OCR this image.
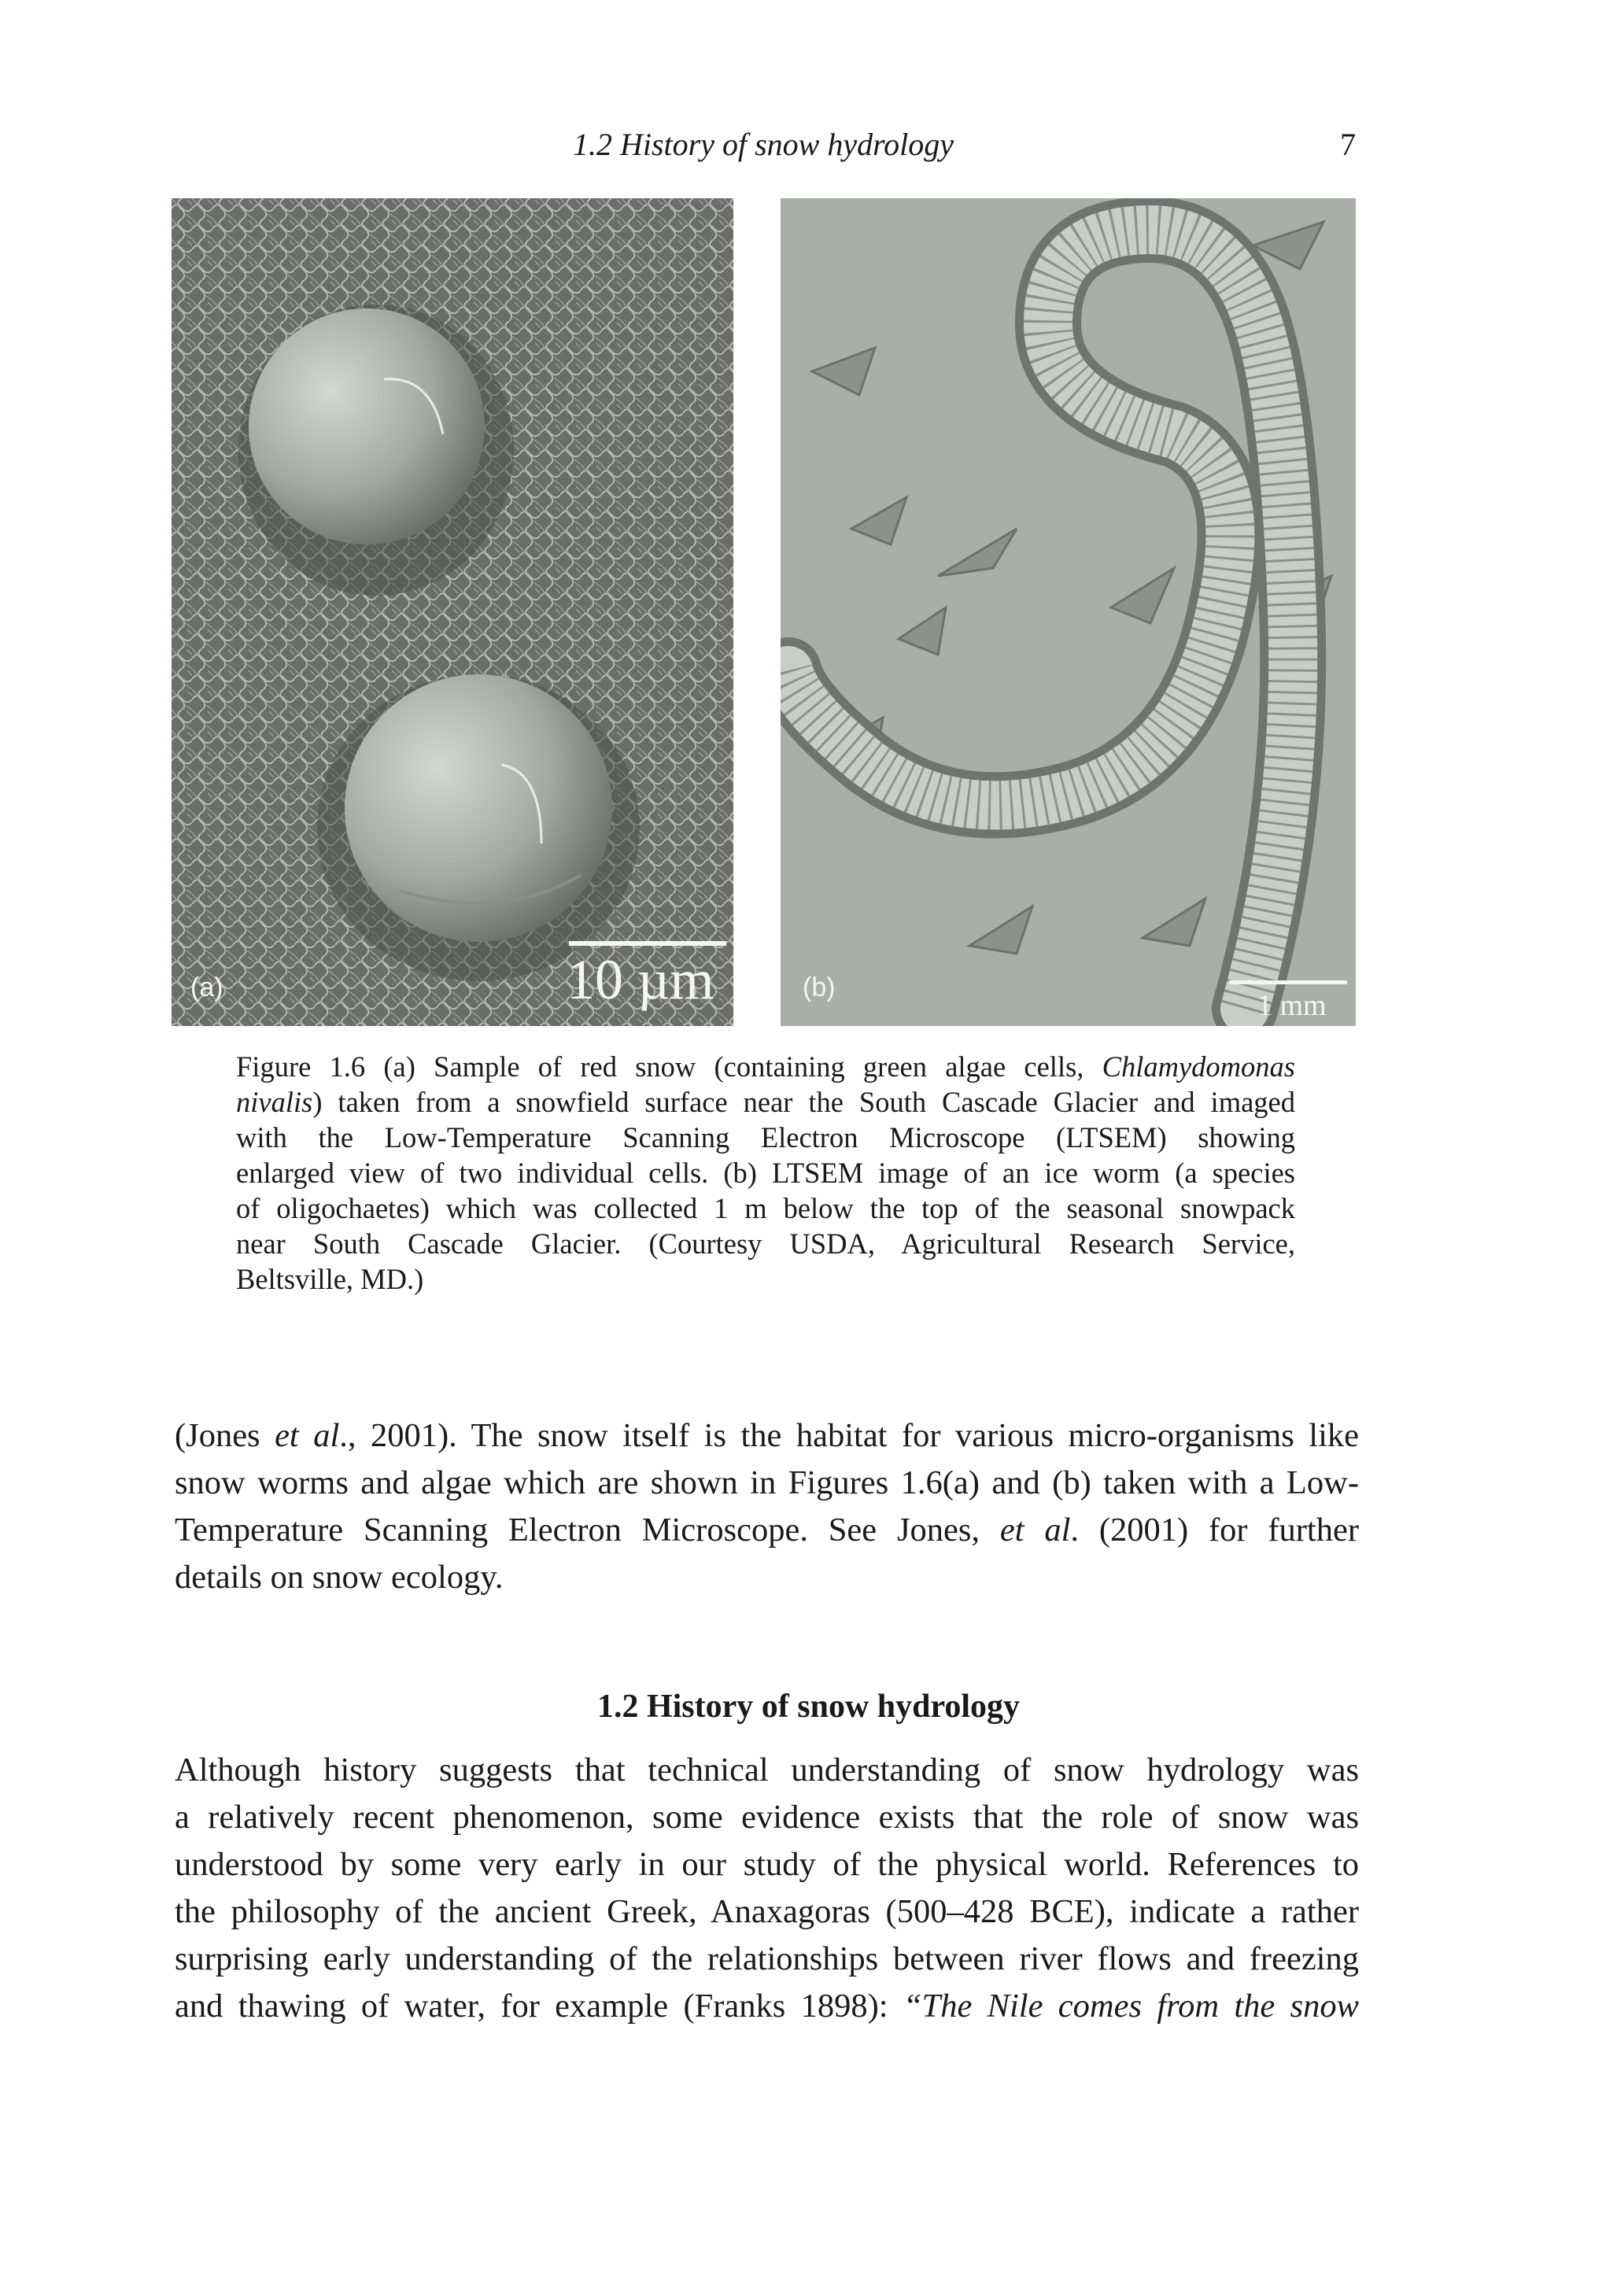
1.2 History of snow hydrology	7
(a)	10 µm	(b)
1 mm
Figure 1.6 (a) Sample of red snow (containing green algae cells, Chlamydomonas
nivalis) taken from a snowfield surface near the South Cascade Glacier and imaged
with the Low-Temperature Scanning Electron Microscope (LTSEM) showing
enlarged view of two individual cells. (b) LTSEM image of an ice worm (a species
of oligochaetes) which was collected 1 m below the top of the seasonal snowpack
near South Cascade Glacier. (Courtesy USDA, Agricultural Research Service,
Beltsville, MD.)
(Jones et al., 2001). The snow itself is the habitat for various micro-organisms like
snow worms and algae which are shown in Figures 1.6(a) and (b) taken with a Low-
Temperature Scanning Electron Microscope. See Jones, et al. (2001) for further
details on snow ecology.
1.2 History of snow hydrology
Although history suggests that technical understanding of snow hydrology was
a relatively recent phenomenon, some evidence exists that the role of snow was
understood by some very early in our study of the physical world. References to
the philosophy of the ancient Greek, Anaxagoras (500–428 BCE), indicate a rather
surprising early understanding of the relationships between river flows and freezing
and thawing of water, for example (Franks 1898): “The Nile comes from the snow
